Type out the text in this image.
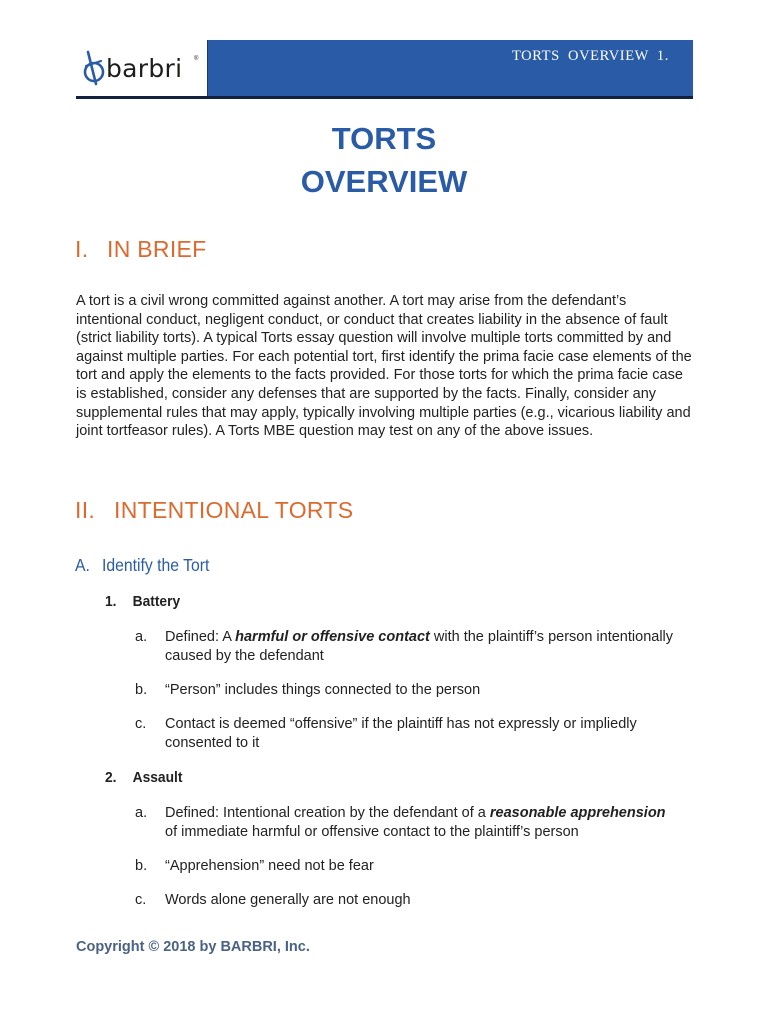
barbri ®	TORTS OVERVIEW 1.
TORTS
OVERVIEW
I. IN BRIEF
A tort is a civil wrong committed against another. A tort may arise from the defendant’s intentional conduct, negligent conduct, or conduct that creates liability in the absence of fault (strict liability torts). A typical Torts essay question will involve multiple torts committed by and against multiple parties. For each potential tort, first identify the prima facie case elements of the tort and apply the elements to the facts provided. For those torts for which the prima facie case is established, consider any defenses that are supported by the facts. Finally, consider any supplemental rules that may apply, typically involving multiple parties (e.g., vicarious liability and joint tortfeasor rules). A Torts MBE question may test on any of the above issues.
II. INTENTIONAL TORTS
A. Identify the Tort
1. Battery
a. Defined: A harmful or offensive contact with the plaintiff’s person intentionally caused by the defendant
b. “Person” includes things connected to the person
c. Contact is deemed “offensive” if the plaintiff has not expressly or impliedly consented to it
2. Assault
a. Defined: Intentional creation by the defendant of a reasonable apprehension of immediate harmful or offensive contact to the plaintiff’s person
b. “Apprehension” need not be fear
c. Words alone generally are not enough
Copyright © 2018 by BARBRI, Inc.
